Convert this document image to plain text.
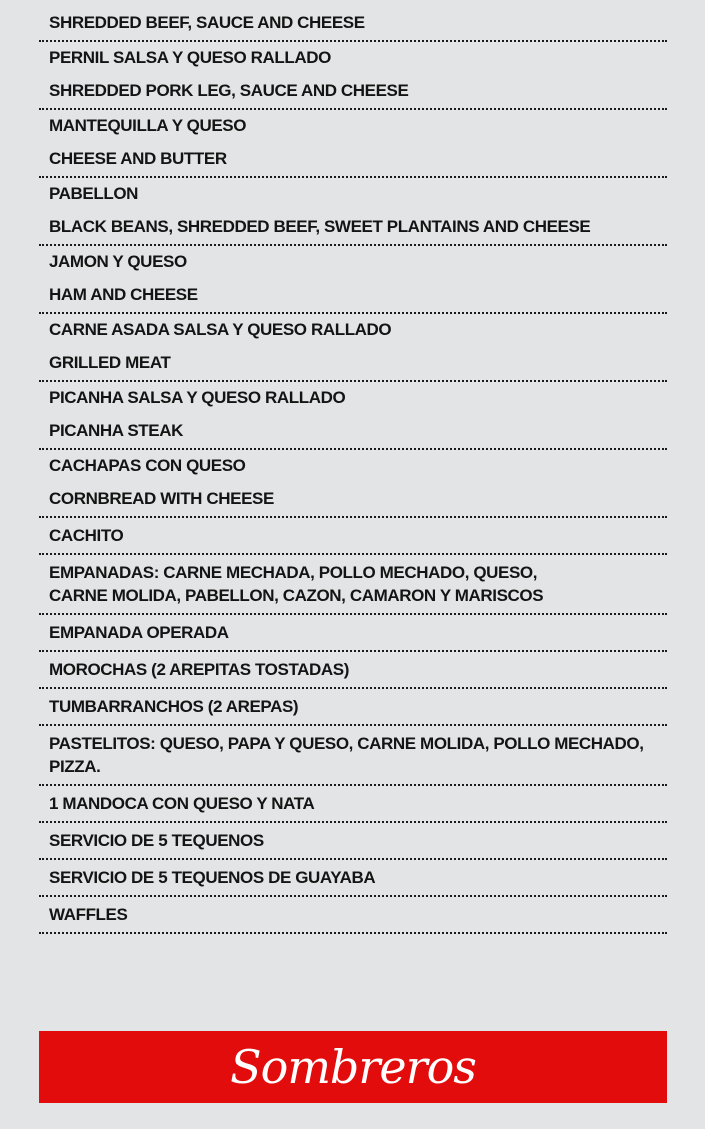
SHREDDED BEEF, SAUCE AND CHEESE
PERNIL SALSA Y QUESO RALLADO
SHREDDED PORK LEG, SAUCE AND CHEESE
MANTEQUILLA Y QUESO
CHEESE AND BUTTER
PABELLON
BLACK BEANS, SHREDDED BEEF, SWEET PLANTAINS AND CHEESE
JAMON Y QUESO
HAM AND CHEESE
CARNE ASADA SALSA Y QUESO RALLADO
GRILLED MEAT
PICANHA SALSA Y QUESO RALLADO
PICANHA STEAK
CACHAPAS CON QUESO
CORNBREAD WITH CHEESE
CACHITO
EMPANADAS: CARNE MECHADA, POLLO MECHADO, QUESO, CARNE MOLIDA, PABELLON, CAZON, CAMARON Y MARISCOS
EMPANADA OPERADA
MOROCHAS (2 AREPITAS TOSTADAS)
TUMBARRANCHOS (2 AREPAS)
PASTELITOS: QUESO, PAPA Y QUESO, CARNE MOLIDA, POLLO MECHADO, PIZZA.
1 MANDOCA CON QUESO Y NATA
SERVICIO DE 5 TEQUENOS
SERVICIO DE 5 TEQUENOS DE GUAYABA
WAFFLES
Sombreros
